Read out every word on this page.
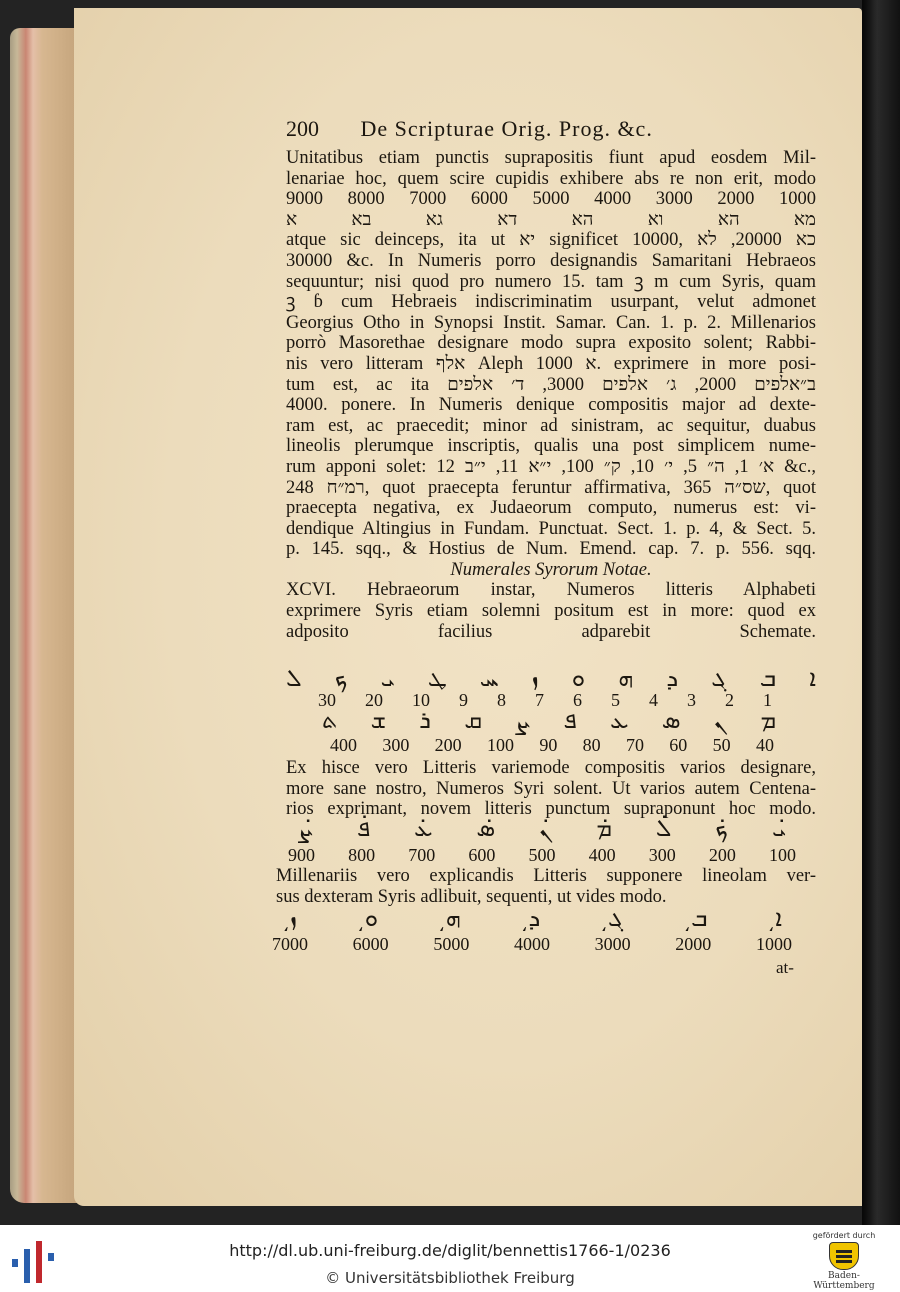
200 De Scripturae Orig. Prog. &c.
Unitatibus etiam punctis suprapositis fiunt apud eosdem Mil-
lenariae hoc, quem scire cupidis exhibere abs re non erit, modo
9000 8000 7000 6000 5000 4000 3000 2000 1000
מא הא וא הא דא גא בא א
atque sic deinceps, ita ut יא significet 10000, כא 20000, לא
30000 &c. In Numeris porro designandis Samaritani Hebraeos
sequuntur; nisi quod pro numero 15. tam ꝫ m cum Syris, quam
ꝫ ɓ cum Hebraeis indiscriminatim usurpant, velut admonet
Georgius Otho in Synopsi Instit. Samar. Can. 1. p. 2. Millenarios
porrò Masorethae designare modo supra exposito solent; Rabbi-
nis vero litteram אלף Aleph א 1000. exprimere in more posi-
tum est, ac ita ב״אלפים 2000, ג׳ אלפים 3000, ד׳ אלפים
4000. ponere. In Numeris denique compositis major ad dexte-
ram est, ac praecedit; minor ad sinistram, ac sequitur, duabus
lineolis plerumque inscriptis, qualis una post simplicem nume-
rum apponi solet: א׳ 1, ה״ 5, י׳ 10, ק״ 100, י״א 11, י״ב 12 &c.,
רמ״ח 248, quot praecepta feruntur affirmativa, שס״ה 365, quot
praecepta negativa, ex Judaeorum computo, numerus est: vi-
dendique Altingius in Fundam. Punctuat. Sect. 1. p. 4, & Sect. 5.
p. 145. sqq., & Hostius de Num. Emend. cap. 7. p. 556. sqq.
Numerales Syrorum Notae.
XCVI. Hebraeorum instar, Numeros litteris Alphabeti
exprimere Syris etiam solemni positum est in more: quod ex
adposito facilius adparebit Schemate.
ܐ
ܒ
ܓ
ܕ
ܗ
ܘ
ܙ
ܚ
ܛ
ܝ
ܟ
ܠ
30 20 10 9 8 7 6 5 4 3 2 1
ܡ
ܢ
ܣ
ܥ
ܦ
ܨ
ܩ
ܪ
ܫ
ܬ
400 300 200 100 90 80 70 60 50 40
Ex hisce vero Litteris variemode compositis varios designare,
more sane nostro, Numeros Syri solent. Ut varios autem Centena-
rios exprimant, novem litteris punctum supraponunt hoc modo.
ܝ̇
ܟ̇
ܠ̇
ܡ̇
ܢ̇
ܣ̇
ܥ̇
ܦ̇
ܨ̇
900 800 700 600 500 400 300 200 100
Millenariis vero explicandis Litteris supponere lineolam ver-
sus dexteram Syris adlibuit, sequenti, ut vides modo.
ܐ͵
ܒ͵
ܓ͵
ܕ͵
ܗ͵
ܘ͵
ܙ͵
7000 6000 5000 4000 3000 2000 1000
at-
http://dl.ub.uni-freiburg.de/diglit/bennettis1766-1/0236
© Universitätsbibliothek Freiburg
gefördert durch
Baden-Württemberg
